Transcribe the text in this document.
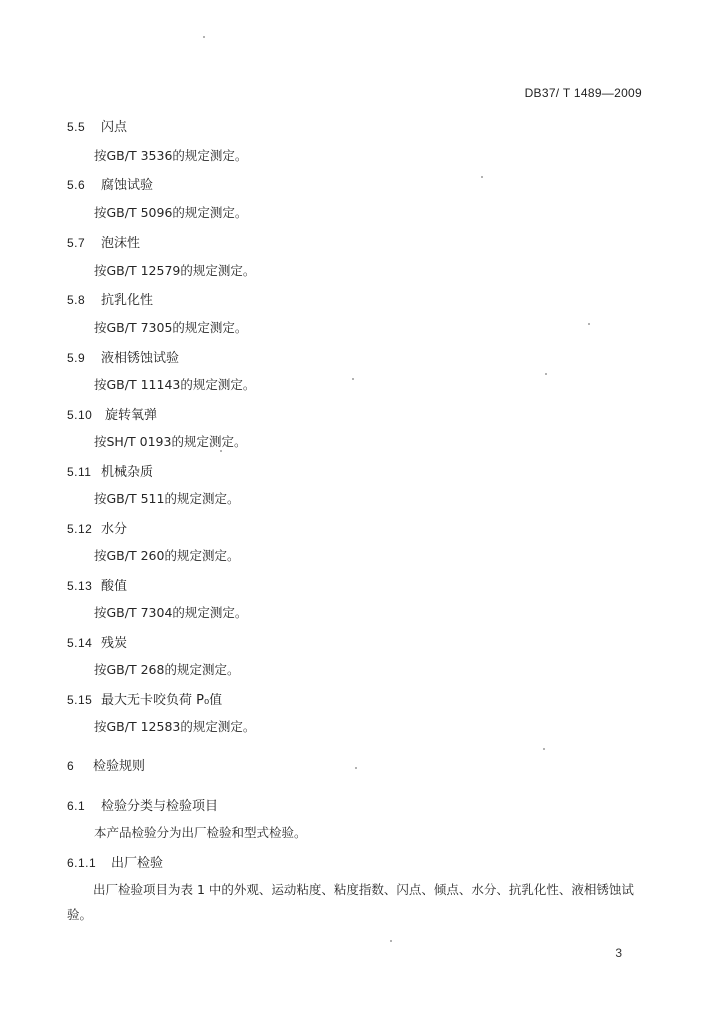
DB37/ T 1489—2009
5.5 闪点
按GB/T 3536的规定测定。
5.6 腐蚀试验
按GB/T 5096的规定测定。
5.7 泡沫性
按GB/T 12579的规定测定。
5.8 抗乳化性
按GB/T 7305的规定测定。
5.9 液相锈蚀试验
按GB/T 11143的规定测定。
5.10 旋转氧弹
按SH/T 0193的规定测定。
5.11 机械杂质
按GB/T 511的规定测定。
5.12 水分
按GB/T 260的规定测定。
5.13 酸值
按GB/T 7304的规定测定。
5.14 残炭
按GB/T 268的规定测定。
5.15 最大无卡咬负荷 P₀值
按GB/T 12583的规定测定。
6 检验规则
6.1 检验分类与检验项目
本产品检验分为出厂检验和型式检验。
6.1.1 出厂检验
出厂检验项目为表 1 中的外观、运动粘度、粘度指数、闪点、倾点、水分、抗乳化性、液相锈蚀试验。
3
